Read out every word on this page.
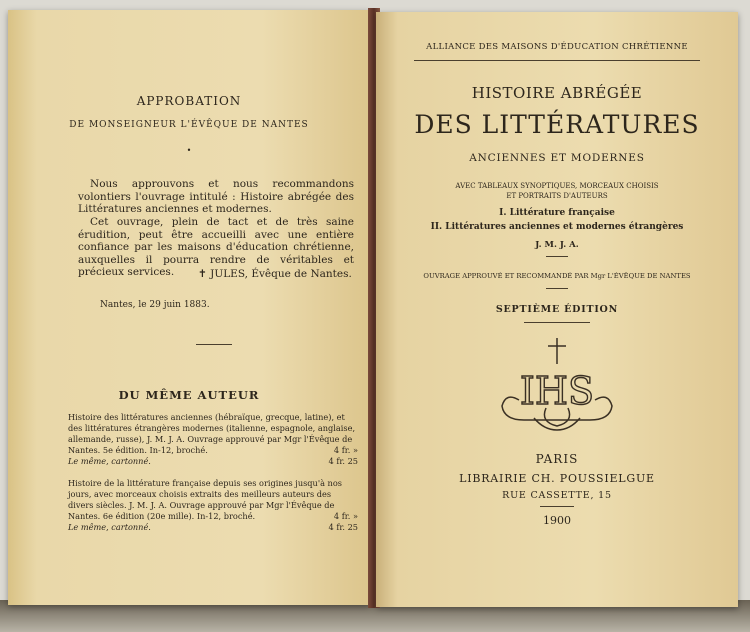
APPROBATION
DE MONSEIGNEUR L'ÉVÊQUE DE NANTES
•
Nous approuvons et nous recommandons volontiers l'ouvrage intitulé : Histoire abrégée des Littératures anciennes et modernes.
Cet ouvrage, plein de tact et de très saine érudition, peut être accueilli avec une entière confiance par les maisons d'éducation chrétienne, auxquelles il pourra rendre de véritables et précieux services.	✝ JULES, Évêque de Nantes.
Nantes, le 29 juin 1883.
DU MÊME AUTEUR
Histoire des littératures anciennes (hébraïque, grecque, latine), et des littératures étrangères modernes (italienne, espagnole, anglaise, allemande, russe), J. M. J. A. Ouvrage approuvé par Mgr l'Évêque de Nantes. 5e édition. In-12, broché.	4 fr. »
Le même, cartonné.	4 fr. 25
Histoire de la littérature française depuis ses origines jusqu'à nos jours, avec morceaux choisis extraits des meilleurs auteurs des divers siècles. J. M. J. A. Ouvrage approuvé par Mgr l'Évêque de Nantes. 6e édition (20e mille). In-12, broché.	4 fr. »
Le même, cartonné.	4 fr. 25
ALLIANCE DES MAISONS D'ÉDUCATION CHRÉTIENNE
HISTOIRE ABRÉGÉE
DES LITTÉRATURES
ANCIENNES ET MODERNES
AVEC TABLEAUX SYNOPTIQUES, MORCEAUX CHOISIS
ET PORTRAITS D'AUTEURS
I. Littérature française
II. Littératures anciennes et modernes étrangères
J. M. J. A.
OUVRAGE APPROUVÉ ET RECOMMANDÉ PAR Mgr L'ÉVÊQUE DE NANTES
SEPTIÈME ÉDITION
IHS
PARIS
LIBRAIRIE CH. POUSSIELGUE
RUE CASSETTE, 15
1900
